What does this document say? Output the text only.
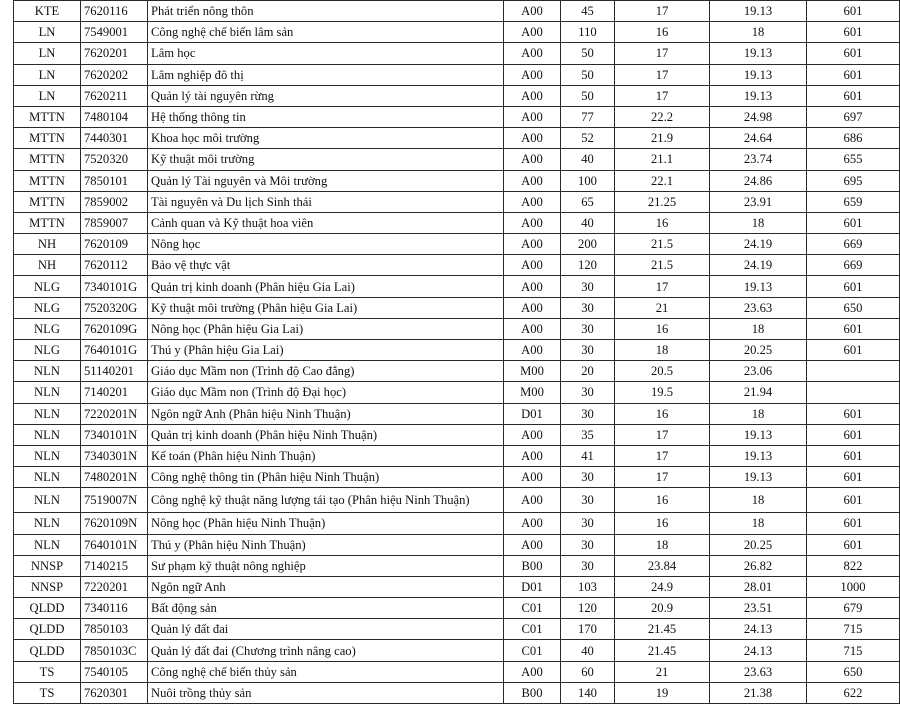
KTE	7620116	Phát triển nông thôn	A00	45	17	19.13	601
LN	7549001	Công nghệ chế biến lâm sản	A00	110	16	18	601
LN	7620201	Lâm học	A00	50	17	19.13	601
LN	7620202	Lâm nghiệp đô thị	A00	50	17	19.13	601
LN	7620211	Quản lý tài nguyên rừng	A00	50	17	19.13	601
MTTN	7480104	Hệ thống thông tin	A00	77	22.2	24.98	697
MTTN	7440301	Khoa học môi trường	A00	52	21.9	24.64	686
MTTN	7520320	Kỹ thuật môi trường	A00	40	21.1	23.74	655
MTTN	7850101	Quản lý Tài nguyên và Môi trường	A00	100	22.1	24.86	695
MTTN	7859002	Tài nguyên và Du lịch Sinh thái	A00	65	21.25	23.91	659
MTTN	7859007	Cảnh quan và Kỹ thuật hoa viên	A00	40	16	18	601
NH	7620109	Nông học	A00	200	21.5	24.19	669
NH	7620112	Bảo vệ thực vật	A00	120	21.5	24.19	669
NLG	7340101G	Quản trị kinh doanh (Phân hiệu Gia Lai)	A00	30	17	19.13	601
NLG	7520320G	Kỹ thuật môi trường (Phân hiệu Gia Lai)	A00	30	21	23.63	650
NLG	7620109G	Nông học (Phân hiệu Gia Lai)	A00	30	16	18	601
NLG	7640101G	Thú y (Phân hiệu Gia Lai)	A00	30	18	20.25	601
NLN	51140201	Giáo dục Mầm non (Trình độ Cao đẳng)	M00	20	20.5	23.06	
NLN	7140201	Giáo dục Mầm non (Trình độ Đại học)	M00	30	19.5	21.94	
NLN	7220201N	Ngôn ngữ Anh (Phân hiệu Ninh Thuận)	D01	30	16	18	601
NLN	7340101N	Quản trị kinh doanh (Phân hiệu Ninh Thuận)	A00	35	17	19.13	601
NLN	7340301N	Kế toán (Phân hiệu Ninh Thuận)	A00	41	17	19.13	601
NLN	7480201N	Công nghệ thông tin (Phân hiệu Ninh Thuận)	A00	30	17	19.13	601
NLN	7519007N	Công nghệ kỹ thuật năng lượng tái tạo (Phân hiệu Ninh Thuận)	A00	30	16	18	601
NLN	7620109N	Nông học (Phân hiệu Ninh Thuận)	A00	30	16	18	601
NLN	7640101N	Thú y (Phân hiệu Ninh Thuận)	A00	30	18	20.25	601
NNSP	7140215	Sư phạm kỹ thuật nông nghiệp	B00	30	23.84	26.82	822
NNSP	7220201	Ngôn ngữ Anh	D01	103	24.9	28.01	1000
QLDD	7340116	Bất động sản	C01	120	20.9	23.51	679
QLDD	7850103	Quản lý đất đai	C01	170	21.45	24.13	715
QLDD	7850103C	Quản lý đất đai (Chương trình nâng cao)	C01	40	21.45	24.13	715
TS	7540105	Công nghệ chế biến thủy sản	A00	60	21	23.63	650
TS	7620301	Nuôi trồng thủy sản	B00	140	19	21.38	622
